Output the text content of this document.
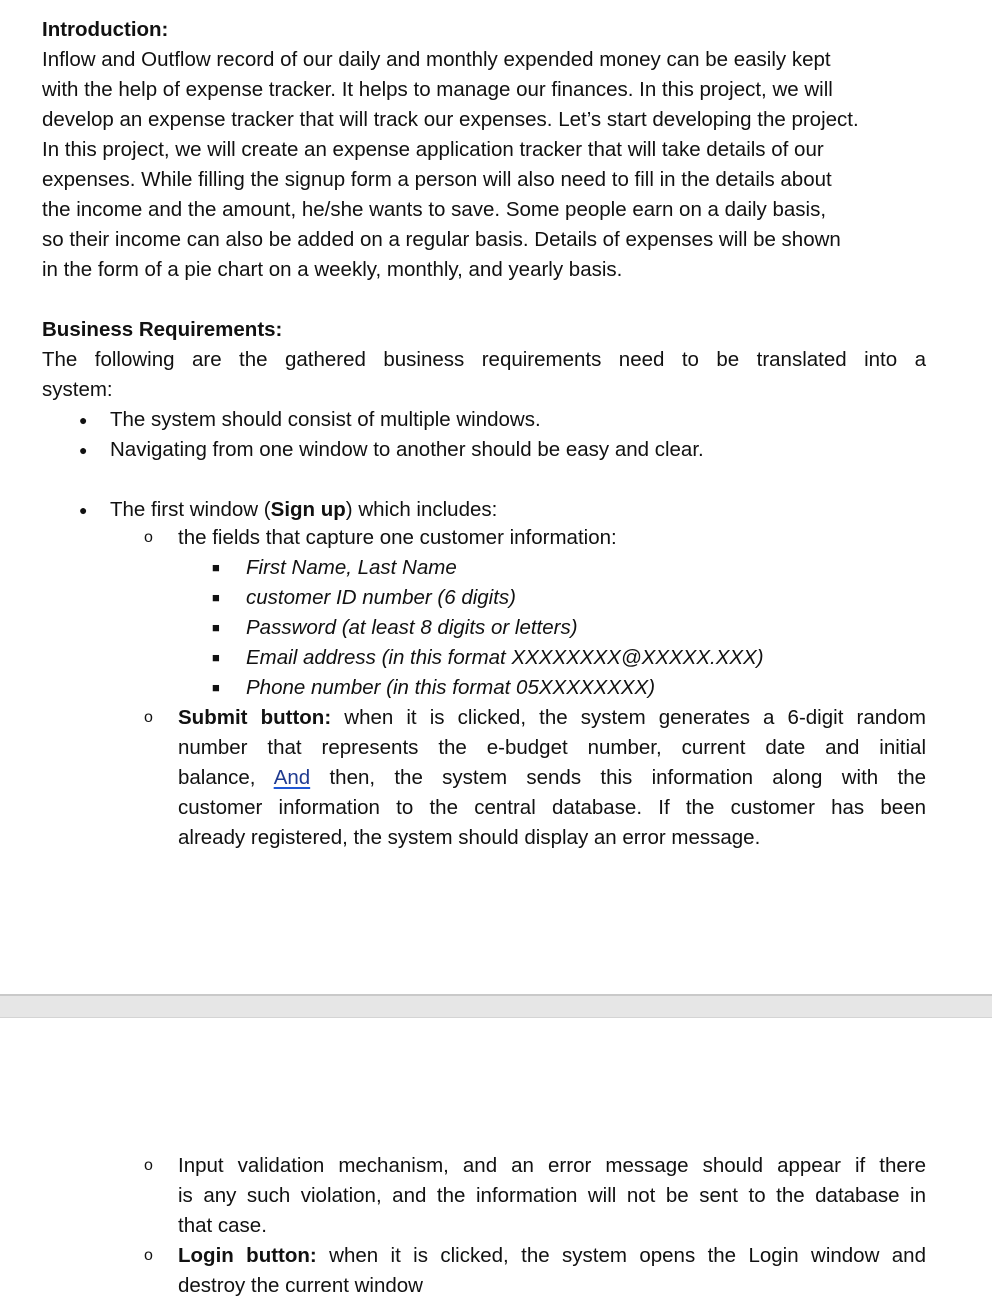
Introduction:
Inflow and Outflow record of our daily and monthly expended money can be easily kept
with the help of expense tracker. It helps to manage our finances. In this project, we will
develop an expense tracker that will track our expenses. Let’s start developing the project.
In this project, we will create an expense application tracker that will take details of our
expenses. While filling the signup form a person will also need to fill in the details about
the income and the amount, he/she wants to save. Some people earn on a daily basis,
so their income can also be added on a regular basis. Details of expenses will be shown
in the form of a pie chart on a weekly, monthly, and yearly basis.
Business Requirements:
The following are the gathered business requirements need to be translated into a
system:
● The system should consist of multiple windows.
● Navigating from one window to another should be easy and clear.
● The first window (Sign up) which includes:
o the fields that capture one customer information:
■ First Name, Last Name
■ customer ID number (6 digits)
■ Password (at least 8 digits or letters)
■ Email address (in this format XXXXXXXX@XXXXX.XXX)
■ Phone number (in this format 05XXXXXXXX)
o Submit button: when it is clicked, the system generates a 6-digit random
number that represents the e-budget number, current date and initial
balance, And then, the system sends this information along with the
customer information to the central database. If the customer has been
already registered, the system should display an error message.
o Input validation mechanism, and an error message should appear if there
is any such violation, and the information will not be sent to the database in
that case.
o Login button: when it is clicked, the system opens the Login window and
destroy the current window
